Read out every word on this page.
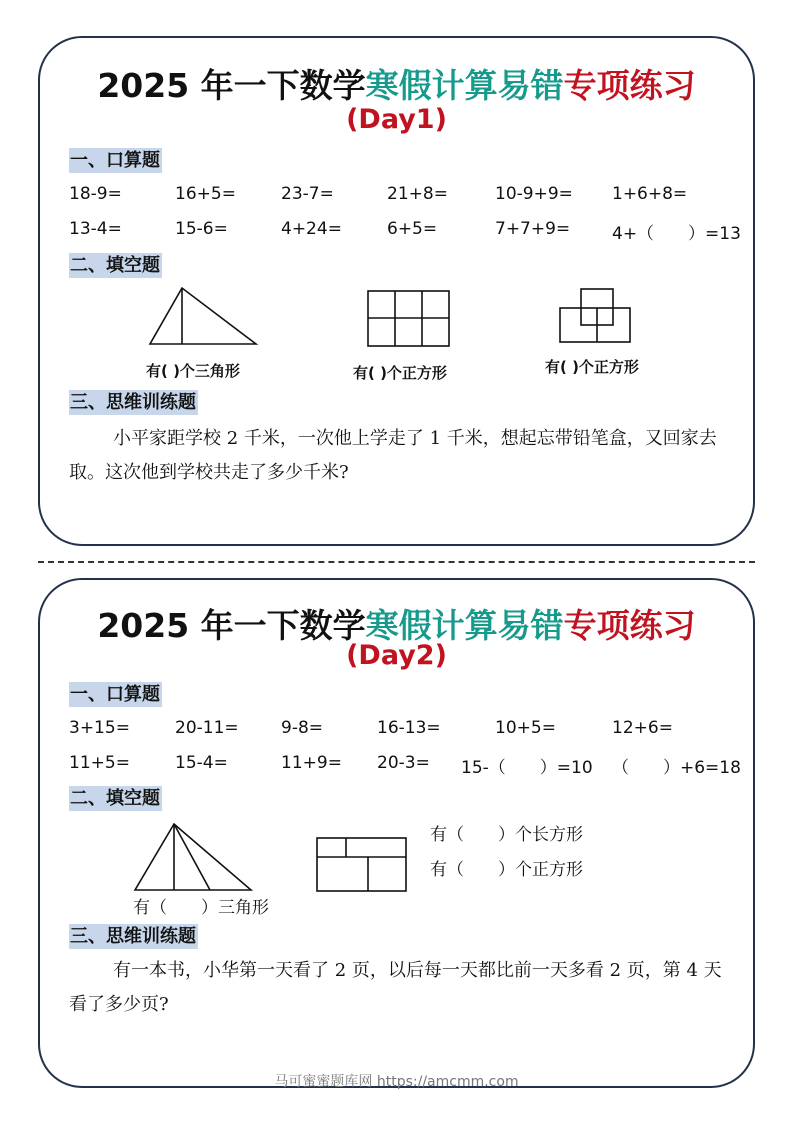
2025 年一下数学寒假计算易错专项练习
(Day1)
一、口算题
18-9=	16+5=	23-7=	21+8=	10-9+9= 1+6+8=
13-4=	15-6=	4+24=	6+5=	7+7+9= 4+（　　）=13
二、填空题
有( )个三角形	有( )个正方形	有( )个正方形
三、思维训练题
小平家距学校 2 千米，一次他上学走了 1 千米，想起忘带铅笔盒，又回家去取。这次他到学校共走了多少千米?
2025 年一下数学寒假计算易错专项练习
(Day2)
一、口算题
3+15=	20-11= 9-8=	16-13=	10+5=	12+6=
11+5=	15-4=	11+9= 20-3= 15-（　　）=10 （　　）+6=18
二、填空题
有（　　）三角形
有（　　）个长方形
有（　　）个正方形
三、思维训练题
有一本书，小华第一天看了 2 页，以后每一天都比前一天多看 2 页，第 4 天看了多少页?
马可蜜蜜题库网 https://amcmm.com
